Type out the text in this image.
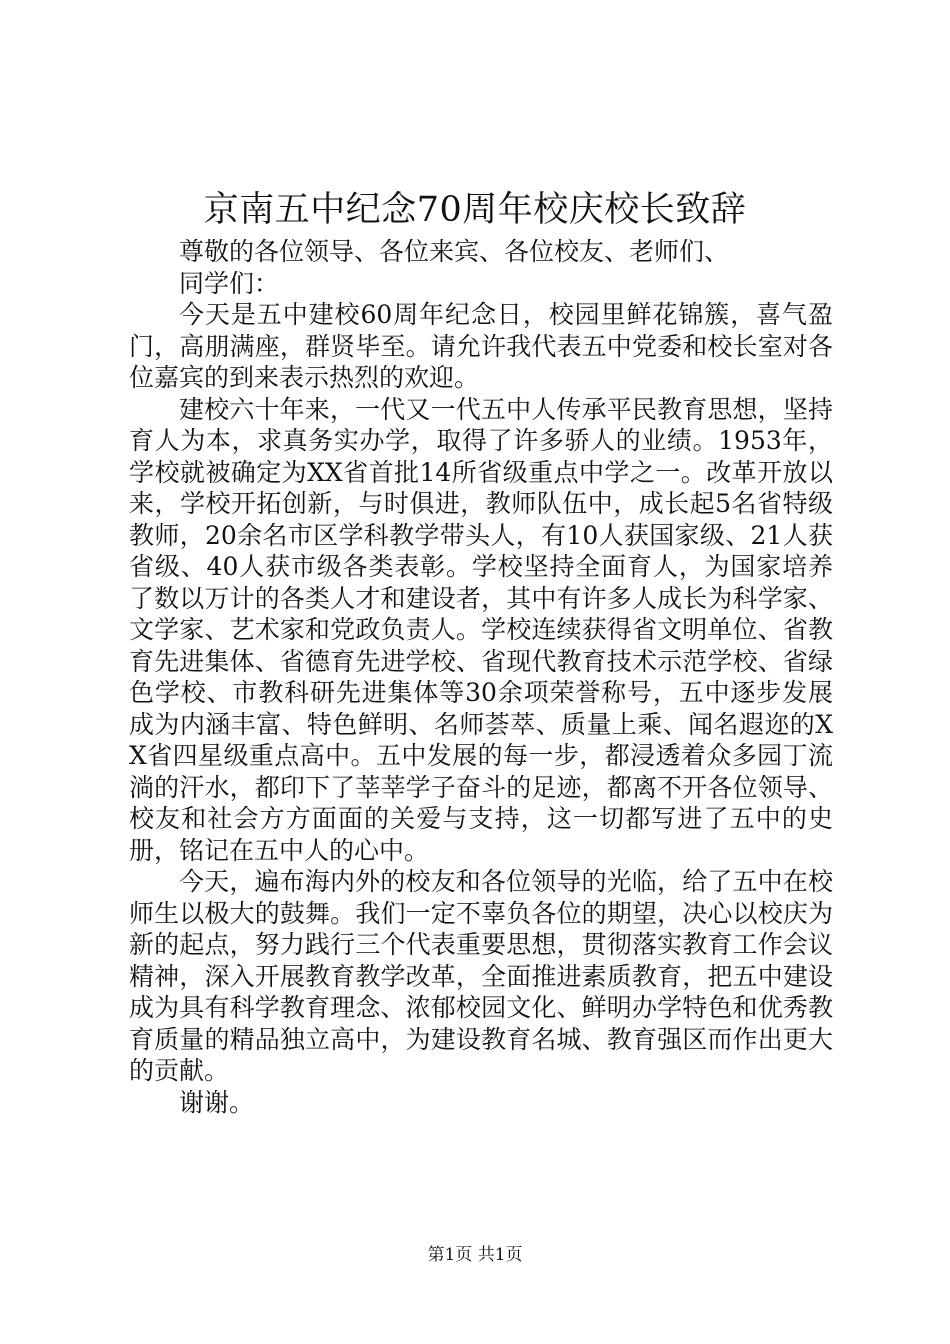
京南五中纪念70周年校庆校长致辞

尊敬的各位领导、各位来宾、各位校友、老师们、

同学们：

今天是五中建校60周年纪念日，校园里鲜花锦簇，喜气盈门，高朋满座，群贤毕至。请允许我代表五中党委和校长室对各位嘉宾的到来表示热烈的欢迎。

建校六十年来，一代又一代五中人传承平民教育思想，坚持育人为本，求真务实办学，取得了许多骄人的业绩。1953年，学校就被确定为XX省首批14所省级重点中学之一。改革开放以来，学校开拓创新，与时俱进，教师队伍中，成长起5名省特级教师，20余名市区学科教学带头人，有10人获国家级、21人获省级、40人获市级各类表彰。学校坚持全面育人，为国家培养了数以万计的各类人才和建设者，其中有许多人成长为科学家、文学家、艺术家和党政负责人。学校连续获得省文明单位、省教育先进集体、省德育先进学校、省现代教育技术示范学校、省绿色学校、市教科研先进集体等30余项荣誉称号，五中逐步发展成为内涵丰富、特色鲜明、名师荟萃、质量上乘、闻名遐迩的XX省四星级重点高中。五中发展的每一步，都浸透着众多园丁流淌的汗水，都印下了莘莘学子奋斗的足迹，都离不开各位领导、校友和社会方方面面的关爱与支持，这一切都写进了五中的史册，铭记在五中人的心中。

今天，遍布海内外的校友和各位领导的光临，给了五中在校师生以极大的鼓舞。我们一定不辜负各位的期望，决心以校庆为新的起点，努力践行三个代表重要思想，贯彻落实教育工作会议精神，深入开展教育教学改革，全面推进素质教育，把五中建设成为具有科学教育理念、浓郁校园文化、鲜明办学特色和优秀教育质量的精品独立高中，为建设教育名城、教育强区而作出更大的贡献。

谢谢。

第1页 共1页
